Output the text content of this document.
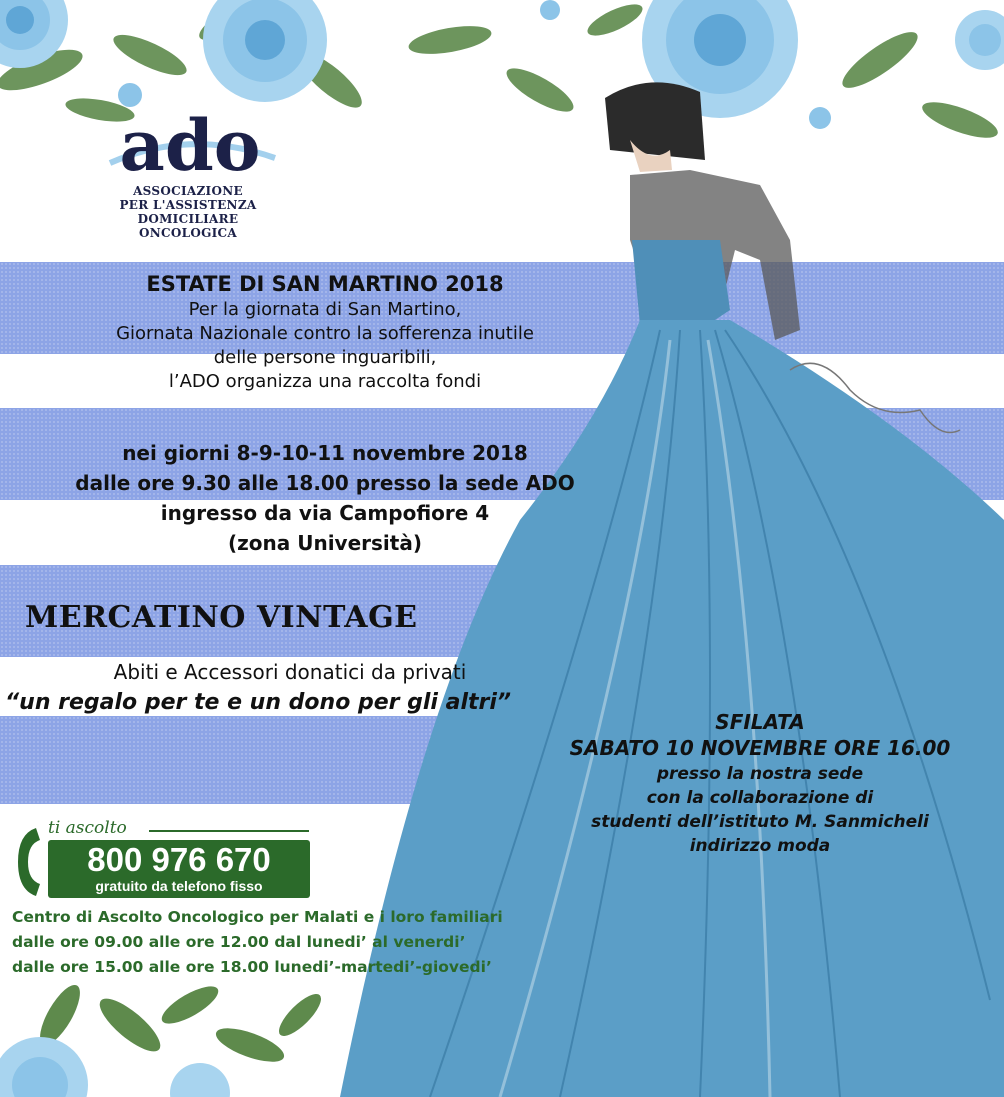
ado
ASSOCIAZIONE
PER L'ASSISTENZA
DOMICILIARE
ONCOLOGICA
ESTATE DI SAN MARTINO 2018
Per la giornata di San Martino,
Giornata Nazionale contro la sofferenza inutile
delle persone inguaribili,
l’ADO organizza una raccolta fondi
nei giorni 8-9-10-11 novembre 2018
dalle ore 9.30 alle 18.00 presso la sede ADO
ingresso da via Campofiore 4
(zona Università)
MERCATINO VINTAGE
Abiti e Accessori donatici da privati
“un regalo per te e un dono per gli altri”
SFILATA
SABATO 10 NOVEMBRE ORE 16.00
presso la nostra sede
con la collaborazione di
studenti dell’istituto M. Sanmicheli
indirizzo moda
ti ascolto
800 976 670
gratuito da telefono fisso
Centro di Ascolto Oncologico per Malati e i loro familiari
dalle ore 09.00 alle ore 12.00 dal lunedi’ al venerdi’
dalle ore 15.00 alle ore 18.00 lunedi’-martedi’-giovedi’
